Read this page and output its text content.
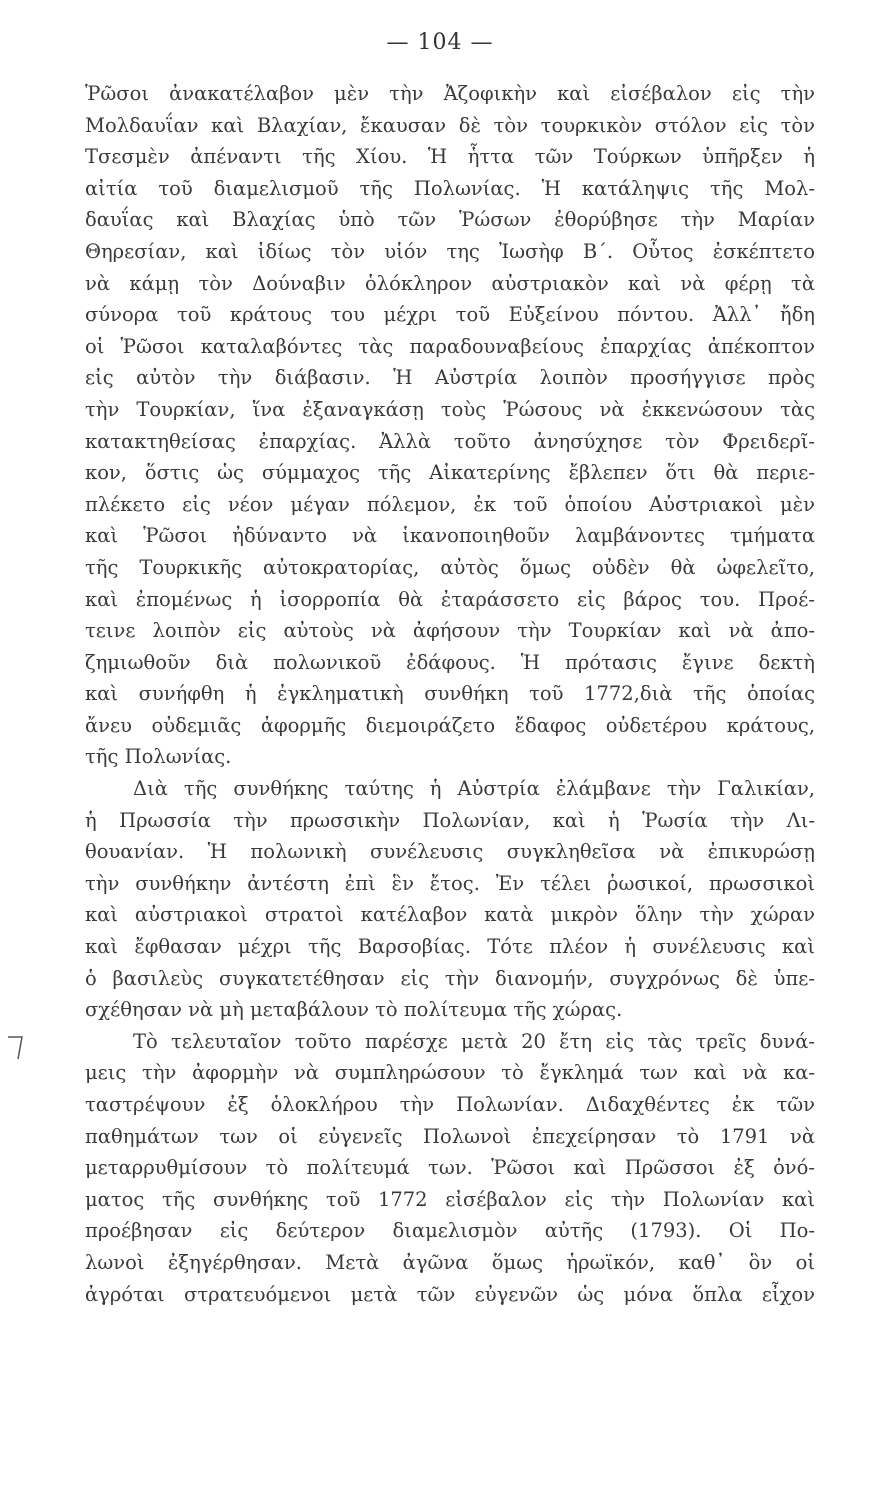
— 104 —
Ῥῶσοι ἀνακατέλαβον μὲν τὴν Ἀζοφικὴν καὶ εἰσέβαλον εἰς τὴν
Μολδαυΐαν καὶ Βλαχίαν, ἔκαυσαν δὲ τὸν τουρκικὸν στόλον εἰς τὸν
Τσεσμὲν ἀπέναντι τῆς Χίου. Ἡ ἧττα τῶν Τούρκων ὑπῆρξεν ἡ
αἰτία τοῦ διαμελισμοῦ τῆς Πολωνίας. Ἡ κατάληψις τῆς Μολ-
δαυΐας καὶ Βλαχίας ὑπὸ τῶν Ῥώσων ἐθορύβησε τὴν Μαρίαν
Θηρεσίαν, καὶ ἰδίως τὸν υἱόν της Ἰωσὴφ Β΄. Οὗτος ἐσκέπτετο
νὰ κάμῃ τὸν Δούναβιν ὁλόκληρον αὐστριακὸν καὶ νὰ φέρῃ τὰ
σύνορα τοῦ κράτους του μέχρι τοῦ Εὐξείνου πόντου. Ἀλλ᾽ ἤδη
οἱ Ῥῶσοι καταλαβόντες τὰς παραδουναβείους ἐπαρχίας ἀπέκοπτον
εἰς αὐτὸν τὴν διάβασιν. Ἡ Αὐστρία λοιπὸν προσήγγισε πρὸς
τὴν Τουρκίαν, ἵνα ἐξαναγκάσῃ τοὺς Ῥώσους νὰ ἐκκενώσουν τὰς
κατακτηθείσας ἐπαρχίας. Ἀλλὰ τοῦτο ἀνησύχησε τὸν Φρειδερῖ-
κον, ὅστις ὡς σύμμαχος τῆς Αἰκατερίνης ἔβλεπεν ὅτι θὰ περιε-
πλέκετο εἰς νέον μέγαν πόλεμον, ἐκ τοῦ ὁποίου Αὐστριακοὶ μὲν
καὶ Ῥῶσοι ἠδύναντο νὰ ἱκανοποιηθοῦν λαμβάνοντες τμήματα
τῆς Τουρκικῆς αὐτοκρατορίας, αὐτὸς ὅμως οὐδὲν θὰ ὠφελεῖτο,
καὶ ἐπομένως ἡ ἰσορροπία θὰ ἐταράσσετο εἰς βάρος του. Προέ-
τεινε λοιπὸν εἰς αὐτοὺς νὰ ἀφήσουν τὴν Τουρκίαν καὶ νὰ ἀπο-
ζημιωθοῦν διὰ πολωνικοῦ ἐδάφους. Ἡ πρότασις ἔγινε δεκτὴ
καὶ συνήφθη ἡ ἐγκληματικὴ συνθήκη τοῦ 1772,διὰ τῆς ὁποίας
ἄνευ οὐδεμιᾶς ἀφορμῆς διεμοιράζετο ἔδαφος οὐδετέρου κράτους,
τῆς Πολωνίας.
Διὰ τῆς συνθήκης ταύτης ἡ Αὐστρία ἐλάμβανε τὴν Γαλικίαν,
ἡ Πρωσσία τὴν πρωσσικὴν Πολωνίαν, καὶ ἡ Ῥωσία τὴν Λι-
θουανίαν. Ἡ πολωνικὴ συνέλευσις συγκληθεῖσα νὰ ἐπικυρώσῃ
τὴν συνθήκην ἀντέστη ἐπὶ ἓν ἔτος. Ἐν τέλει ῥωσικοί, πρωσσικοὶ
καὶ αὐστριακοὶ στρατοὶ κατέλαβον κατὰ μικρὸν ὅλην τὴν χώραν
καὶ ἔφθασαν μέχρι τῆς Βαρσοβίας. Τότε πλέον ἡ συνέλευσις καὶ
ὁ βασιλεὺς συγκατετέθησαν εἰς τὴν διανομήν, συγχρόνως δὲ ὑπε-
σχέθησαν νὰ μὴ μεταβάλουν τὸ πολίτευμα τῆς χώρας.
Τὸ τελευταῖον τοῦτο παρέσχε μετὰ 20 ἔτη εἰς τὰς τρεῖς δυνά-
μεις τὴν ἀφορμὴν νὰ συμπληρώσουν τὸ ἔγκλημά των καὶ νὰ κα-
ταστρέψουν ἐξ ὁλοκλήρου τὴν Πολωνίαν. Διδαχθέντες ἐκ τῶν
παθημάτων των οἱ εὐγενεῖς Πολωνοὶ ἐπεχείρησαν τὸ 1791 νὰ
μεταρρυθμίσουν τὸ πολίτευμά των. Ῥῶσοι καὶ Πρῶσσοι ἐξ ὀνό-
ματος τῆς συνθήκης τοῦ 1772 εἰσέβαλον εἰς τὴν Πολωνίαν καὶ
προέβησαν εἰς δεύτερον διαμελισμὸν αὐτῆς (1793). Οἱ Πο-
λωνοὶ ἐξηγέρθησαν. Μετὰ ἀγῶνα ὅμως ἡρωϊκόν, καθ᾽ ὃν οἱ
ἀγρόται στρατευόμενοι μετὰ τῶν εὐγενῶν ὡς μόνα ὅπλα εἶχον
